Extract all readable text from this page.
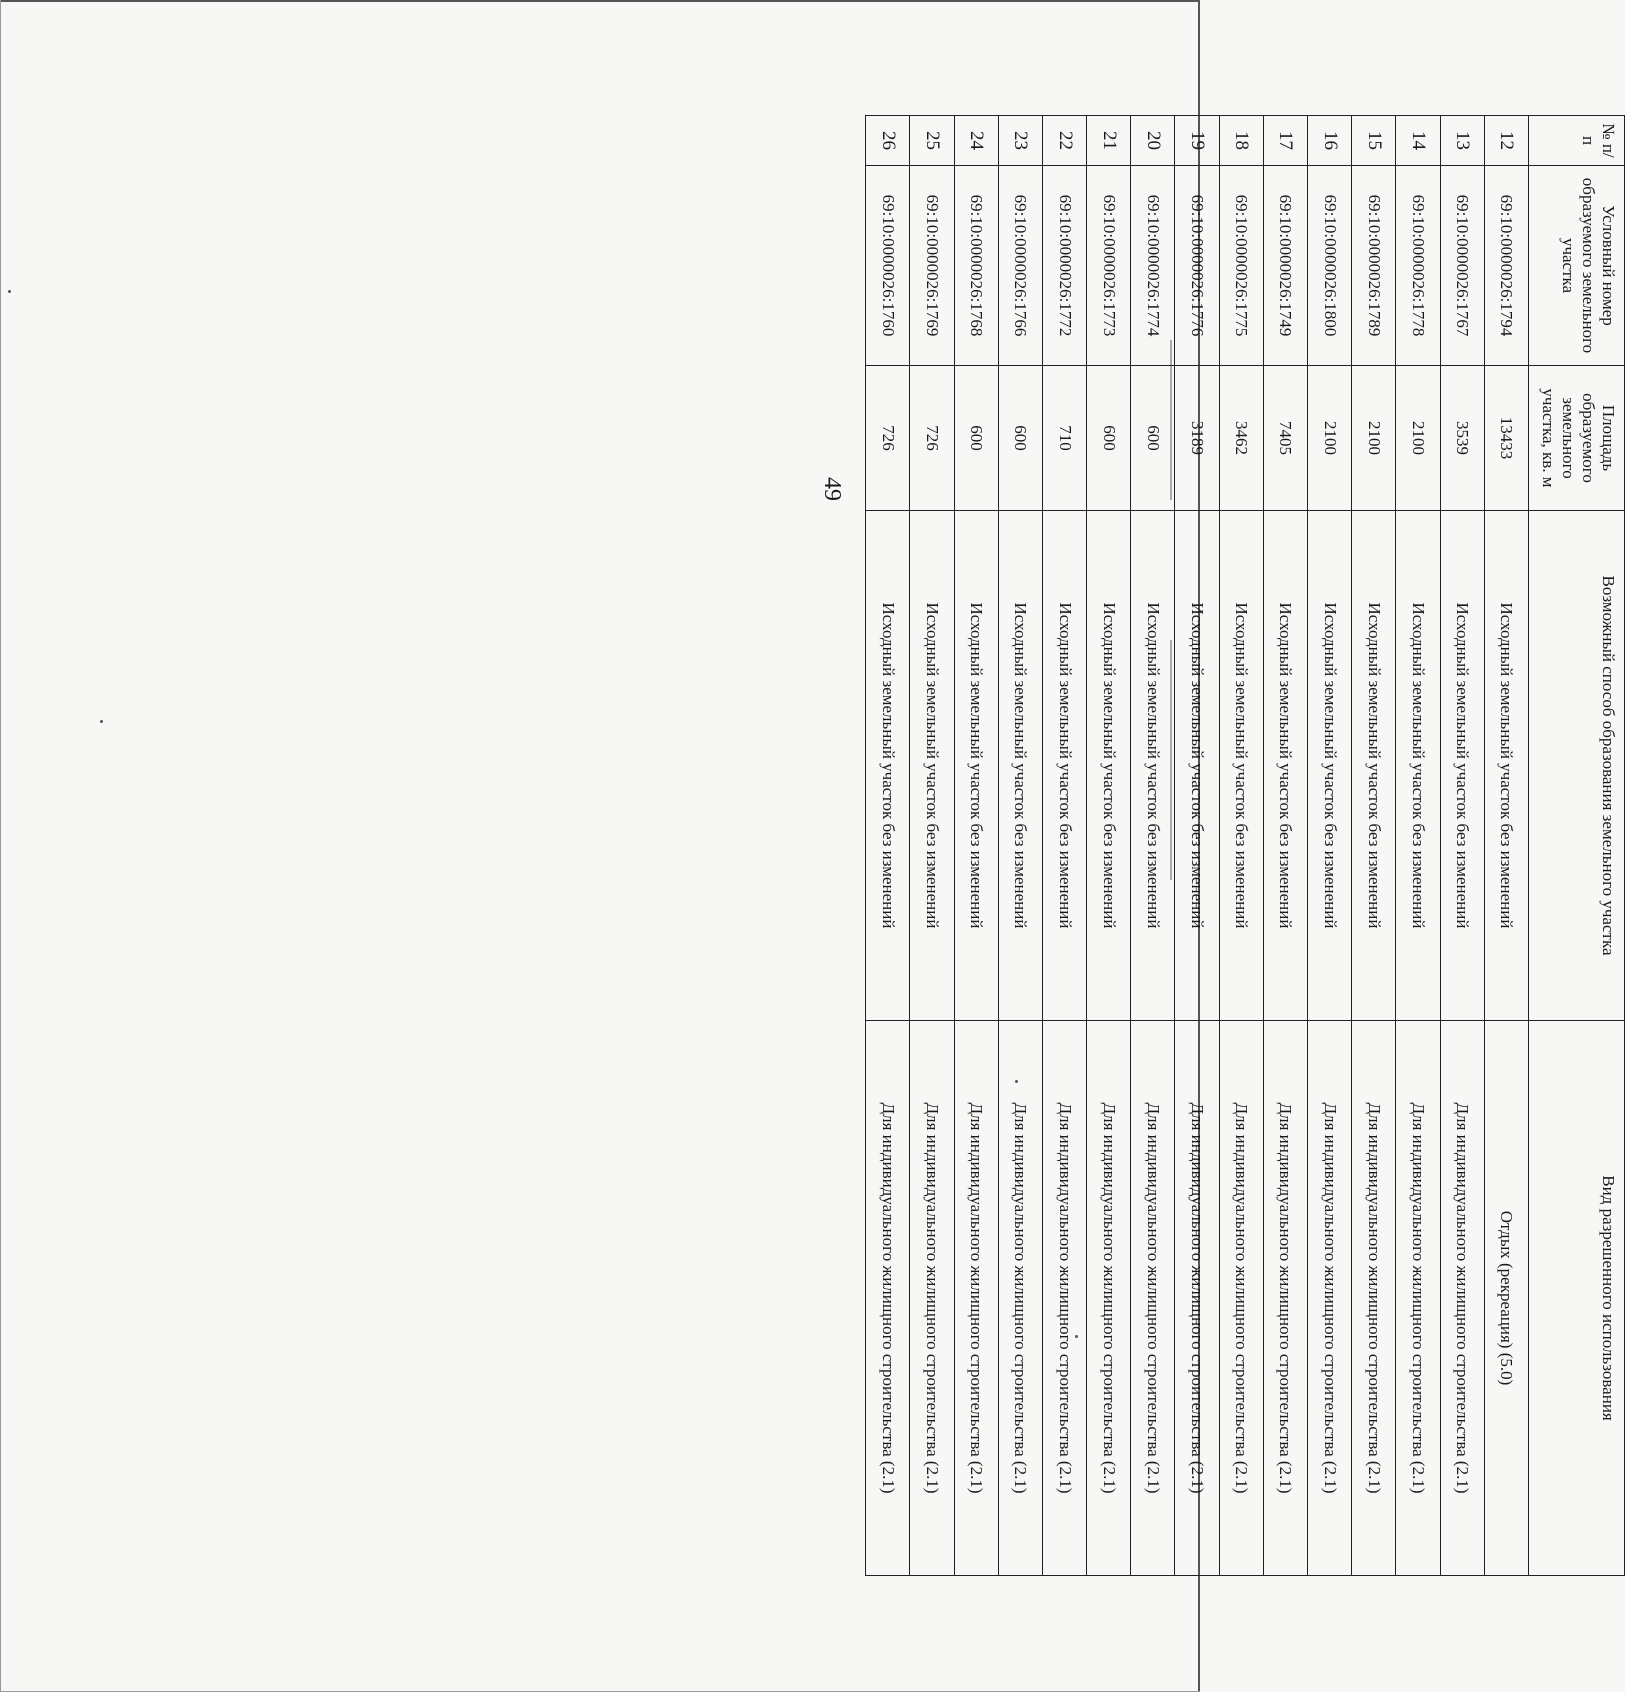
49
№ п/п	Условный номер образуемого земельного участка	Площадь образуемого земельного участка, кв. м	Возможный способ образования земельного участка	Вид разрешенного использования
12	69:10:0000026:1794	13433	Исходный земельный участок без изменений	Отдых (рекреация) (5.0)
13	69:10:0000026:1767	3539	Исходный земельный участок без изменений	Для индивидуального жилищного строительства (2.1)
14	69:10:0000026:1778	2100	Исходный земельный участок без изменений	Для индивидуального жилищного строительства (2.1)
15	69:10:0000026:1789	2100	Исходный земельный участок без изменений	Для индивидуального жилищного строительства (2.1)
16	69:10:0000026:1800	2100	Исходный земельный участок без изменений	Для индивидуального жилищного строительства (2.1)
17	69:10:0000026:1749	7405	Исходный земельный участок без изменений	Для индивидуального жилищного строительства (2.1)
18	69:10:0000026:1775	3462	Исходный земельный участок без изменений	Для индивидуального жилищного строительства (2.1)
19	69:10:0000026:1776	3189	Исходный земельный участок без изменений	Для индивидуального жилищного строительства (2.1)
20	69:10:0000026:1774	600	Исходный земельный участок без изменений	Для индивидуального жилищного строительства (2.1)
21	69:10:0000026:1773	600	Исходный земельный участок без изменений	Для индивидуального жилищного строительства (2.1)
22	69:10:0000026:1772	710	Исходный земельный участок без изменений	Для индивидуального жилищного строительства (2.1)
23	69:10:0000026:1766	600	Исходный земельный участок без изменений	Для индивидуального жилищного строительства (2.1)
24	69:10:0000026:1768	600	Исходный земельный участок без изменений	Для индивидуального жилищного строительства (2.1)
25	69:10:0000026:1769	726	Исходный земельный участок без изменений	Для индивидуального жилищного строительства (2.1)
26	69:10:0000026:1760	726	Исходный земельный участок без изменений	Для индивидуального жилищного строительства (2.1)
